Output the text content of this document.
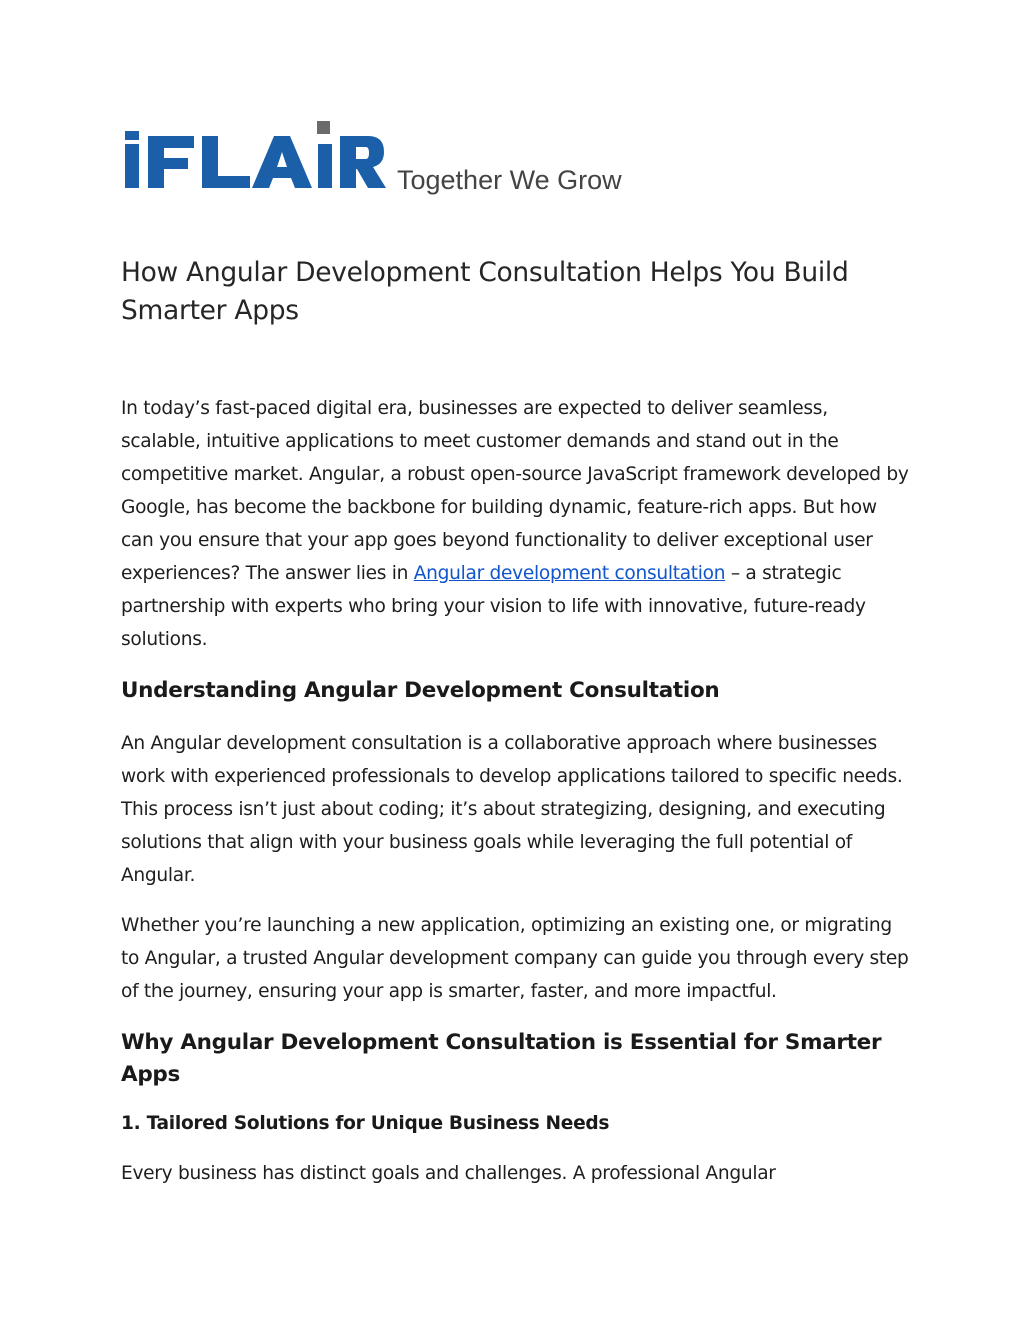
Together We Grow
How Angular Development Consultation Helps You Build Smarter Apps

In today’s fast-paced digital era, businesses are expected to deliver seamless, scalable, intuitive applications to meet customer demands and stand out in the competitive market. Angular, a robust open-source JavaScript framework developed by Google, has become the backbone for building dynamic, feature-rich apps. But how can you ensure that your app goes beyond functionality to deliver exceptional user experiences? The answer lies in Angular development consultation – a strategic partnership with experts who bring your vision to life with innovative, future-ready solutions.

Understanding Angular Development Consultation

An Angular development consultation is a collaborative approach where businesses work with experienced professionals to develop applications tailored to specific needs. This process isn’t just about coding; it’s about strategizing, designing, and executing solutions that align with your business goals while leveraging the full potential of Angular.

Whether you’re launching a new application, optimizing an existing one, or migrating to Angular, a trusted Angular development company can guide you through every step of the journey, ensuring your app is smarter, faster, and more impactful.

Why Angular Development Consultation is Essential for Smarter Apps
1. Tailored Solutions for Unique Business Needs

Every business has distinct goals and challenges. A professional Angular
